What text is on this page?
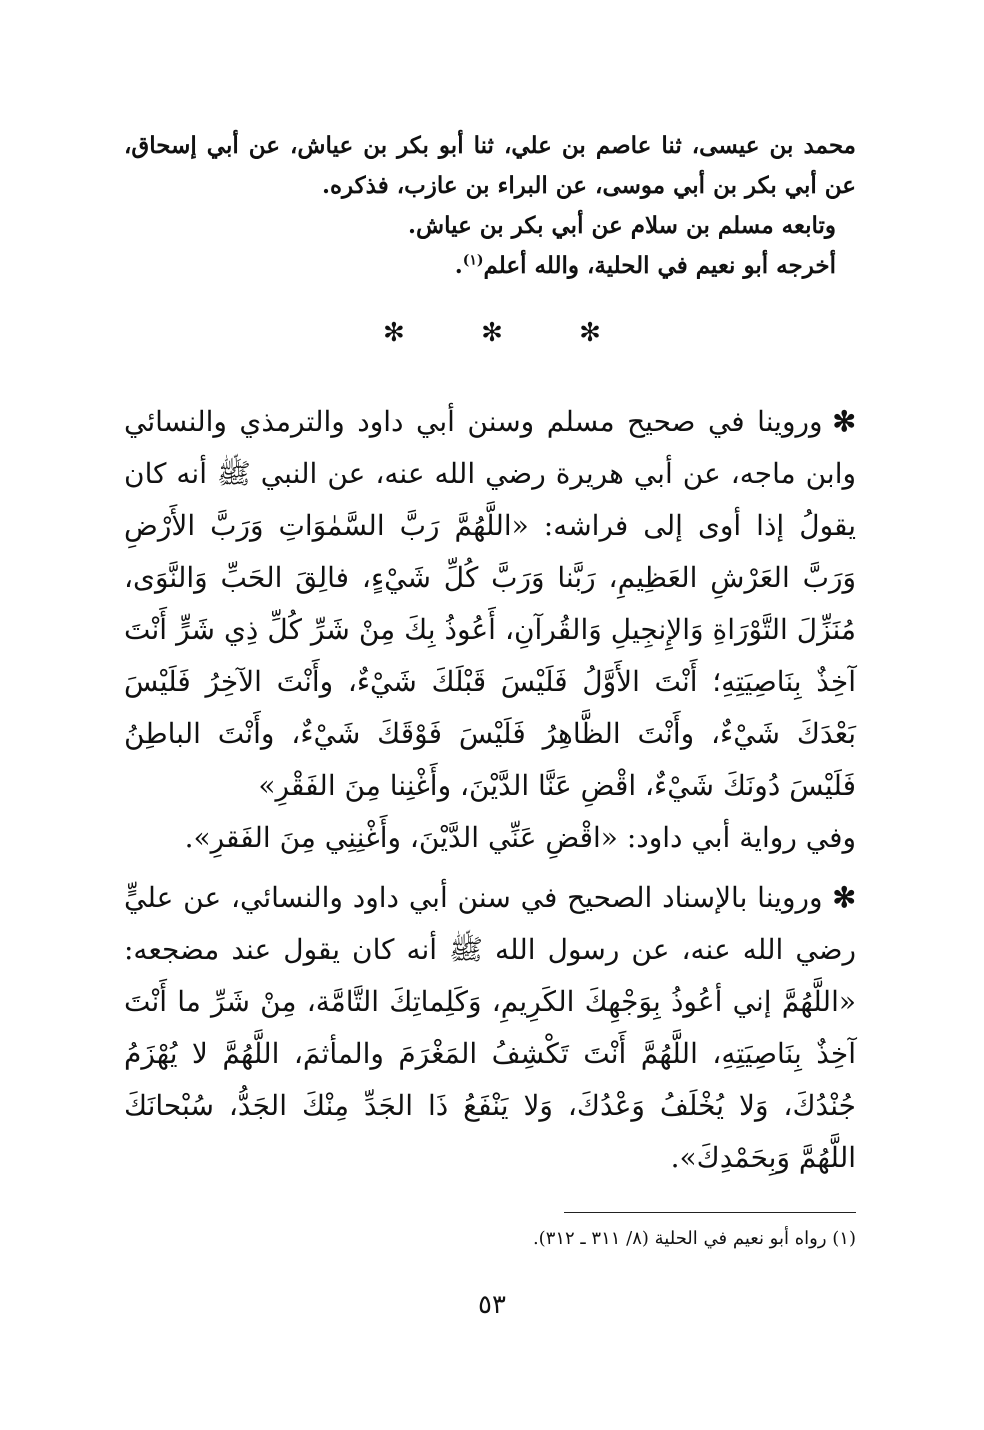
محمد بن عيسى، ثنا عاصم بن علي، ثنا أبو بكر بن عياش، عن أبي إسحاق، عن أبي بكر بن أبي موسى، عن البراء بن عازب، فذكره.
وتابعه مسلم بن سلام عن أبي بكر بن عياش.
أخرجه أبو نعيم في الحلية، والله أعلم$^{(١)}$.
✻	✻	✻
✻وروينا في صحيح مسلم وسنن أبي داود والترمذي والنسائي وابن ماجه، عن أبي هريرة رضي الله عنه، عن النبي ﷺ أنه كان يقولُ إذا أوى إلى فراشه: «اللَّهُمَّ رَبَّ السَّمٰوَاتِ وَرَبَّ الأَرْضِ وَرَبَّ العَرْشِ العَظِيمِ، رَبَّنا وَرَبَّ كُلِّ شَيْءٍ، فالِقَ الحَبِّ وَالنَّوَى، مُنَزِّلَ التَّوْرَاةِ وَالإِنجِيلِ وَالقُرآنِ، أَعُوذُ بِكَ مِنْ شَرِّ كُلِّ ذِي شَرٍّ أَنْتَ آخِذٌ بِنَاصِيَتِهِ؛ أَنْتَ الأَوَّلُ فَلَيْسَ قَبْلَكَ شَيْءٌ، وأَنْتَ الآخِرُ فَلَيْسَ بَعْدَكَ شَيْءٌ، وأَنْتَ الظَّاهِرُ فَلَيْسَ فَوْقَكَ شَيْءٌ، وأَنْتَ الباطِنُ فَلَيْسَ دُونَكَ شَيْءٌ، اقْضِ عَنَّا الدَّيْنَ، وأَغْنِنا مِنَ الفَقْرِ»
وفي رواية أبي داود: «اقْضِ عَنِّي الدَّيْنَ، وأَغْنِنِي مِنَ الفَقرِ».
✻وروينا بالإسناد الصحيح في سنن أبي داود والنسائي، عن عليٍّ رضي الله عنه، عن رسول الله ﷺ أنه كان يقول عند مضجعه: «اللَّهُمَّ إني أعُوذُ بِوَجْهِكَ الكَرِيمِ، وَكَلِماتِكَ التَّامَّة، مِنْ شَرِّ ما أَنْتَ آخِذٌ بِنَاصِيَتِهِ، اللَّهُمَّ أَنْتَ تَكْشِفُ المَغْرَمَ والمأثمَ، اللَّهُمَّ لا يُهْزَمُ جُنْدُكَ، وَلا يُخْلَفُ وَعْدُكَ، وَلا يَنْفَعُ ذَا الجَدِّ مِنْكَ الجَدُّ، سُبْحانَكَ اللَّهُمَّ وَبِحَمْدِكَ».
(١) رواه أبو نعيم في الحلية (٨/ ٣١١ ـ ٣١٢).
٥٣
